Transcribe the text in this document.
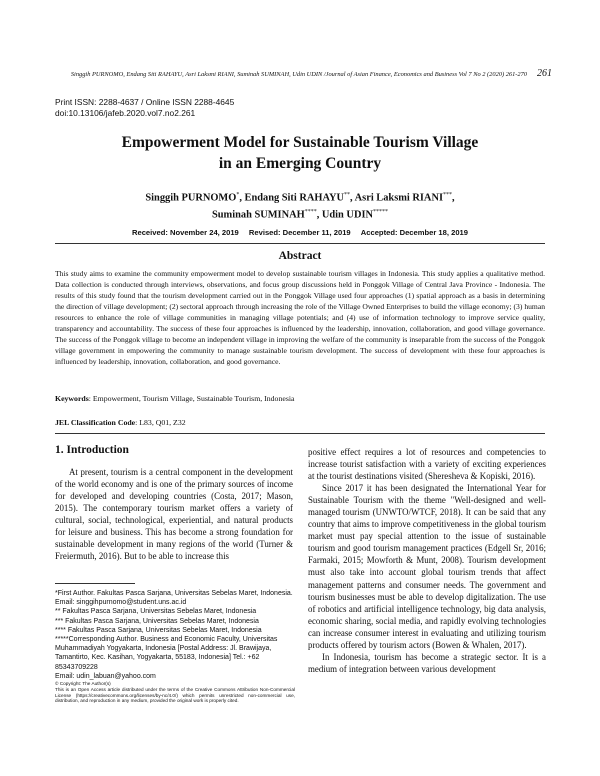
Singgih PURNOMO, Endang Siti RAHAYU, Asri Laksmi RIANI, Suminah SUMINAH, Udin UDIN /Journal of Asian Finance, Economics and Business Vol 7 No 2 (2020) 261-270 261
Print ISSN: 2288-4637 / Online ISSN 2288-4645
doi:10.13106/jafeb.2020.vol7.no2.261
Empowerment Model for Sustainable Tourism Village
in an Emerging Country
Singgih PURNOMO*, Endang Siti RAHAYU**, Asri Laksmi RIANI***,
Suminah SUMINAH****, Udin UDIN*****
Received: November 24, 2019 Revised: December 11, 2019 Accepted: December 18, 2019
Abstract
This study aims to examine the community empowerment model to develop sustainable tourism villages in Indonesia. This study applies a qualitative method. Data collection is conducted through interviews, observations, and focus group discussions held in Ponggok Village of Central Java Province - Indonesia. The results of this study found that the tourism development carried out in the Ponggok Village used four approaches (1) spatial approach as a basis in determining the direction of village development; (2) sectoral approach through increasing the role of the Village Owned Enterprises to build the village economy; (3) human resources to enhance the role of village communities in managing village potentials; and (4) use of information technology to improve service quality, transparency and accountability. The success of these four approaches is influenced by the leadership, innovation, collaboration, and good village governance. The success of the Ponggok village to become an independent village in improving the welfare of the community is inseparable from the success of the Ponggok village government in empowering the community to manage sustainable tourism development. The success of development with these four approaches is influenced by leadership, innovation, collaboration, and good governance.
Keywords: Empowerment, Tourism Village, Sustainable Tourism, Indonesia
JEL Classification Code: L83, Q01, Z32
1. Introduction

At present, tourism is a central component in the development of the world economy and is one of the primary sources of income for developed and developing countries (Costa, 2017; Mason, 2015). The contemporary tourism market offers a variety of cultural, social, technological, experiential, and natural products for leisure and business. This has become a strong foundation for sustainable development in many regions of the world (Turner & Freiermuth, 2016). But to be able to increase this

positive effect requires a lot of resources and competencies to increase tourist satisfaction with a variety of exciting experiences at the tourist destinations visited (Sheresheva & Kopiski, 2016).

Since 2017 it has been designated the International Year for Sustainable Tourism with the theme "Well-designed and well-managed tourism (UNWTO/WTCF, 2018). It can be said that any country that aims to improve competitiveness in the global tourism market must pay special attention to the issue of sustainable tourism and good tourism management practices (Edgell Sr, 2016; Farmaki, 2015; Mowforth & Munt, 2008). Tourism development must also take into account global tourism trends that affect management patterns and consumer needs. The government and tourism businesses must be able to develop digitalization. The use of robotics and artificial intelligence technology, big data analysis, economic sharing, social media, and rapidly evolving technologies can increase consumer interest in evaluating and utilizing tourism products offered by tourism actors (Bowen & Whalen, 2017).

In Indonesia, tourism has become a strategic sector. It is a medium of integration between various development

*First Author. Fakultas Pasca Sarjana, Universitas Sebelas Maret, Indonesia. Email: singgihpurnomo@student.uns.ac.id
** Fakultas Pasca Sarjana, Universitas Sebelas Maret, Indonesia
*** Fakultas Pasca Sarjana, Universitas Sebelas Maret, Indonesia
**** Fakultas Pasca Sarjana, Universitas Sebelas Maret, Indonesia
*****Corresponding Author. Business and Economic Faculty, Universitas Muhammadiyah Yogyakarta, Indonesia [Postal Address: Jl. Brawijaya, Tamantirto, Kec. Kasihan, Yogyakarta, 55183, Indonesia] Tel.: +62 85343709228
Email: udin_labuan@yahoo.com
© Copyright: The Author(s)
This is an Open Access article distributed under the terms of the Creative Commons Attribution Non-Commercial License (https://creativecommons.org/licenses/by-nc/4.0/) which permits unrestricted non-commercial use, distribution, and reproduction in any medium, provided the original work is properly cited.
